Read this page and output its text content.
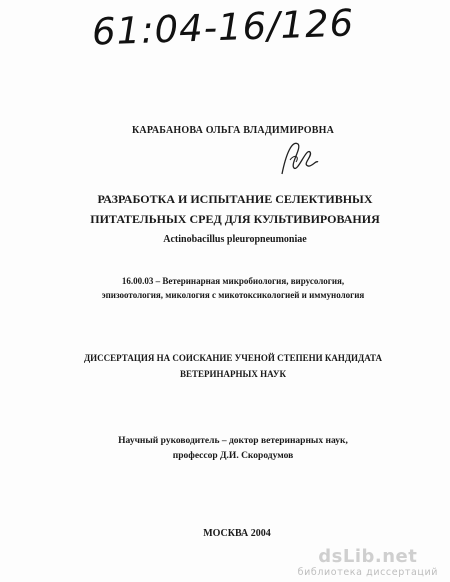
61:04-16/126
КАРАБАНОВА ОЛЬГА ВЛАДИМИРОВНА
РАЗРАБОТКА И ИСПЫТАНИЕ СЕЛЕКТИВНЫХ
ПИТАТЕЛЬНЫХ СРЕД ДЛЯ КУЛЬТИВИРОВАНИЯ
Actinobacillus pleuropneumoniae
16.00.03 – Ветеринарная микробиология, вирусология,
эпизоотология, микология с микотоксикологией и иммунология
ДИССЕРТАЦИЯ НА СОИСКАНИЕ УЧЕНОЙ СТЕПЕНИ КАНДИДАТА
ВЕТЕРИНАРНЫХ НАУК
Научный руководитель – доктор ветеринарных наук,
профессор Д.И. Скородумов
МОСКВА 2004
dsLib.net
библиотека диссертаций
